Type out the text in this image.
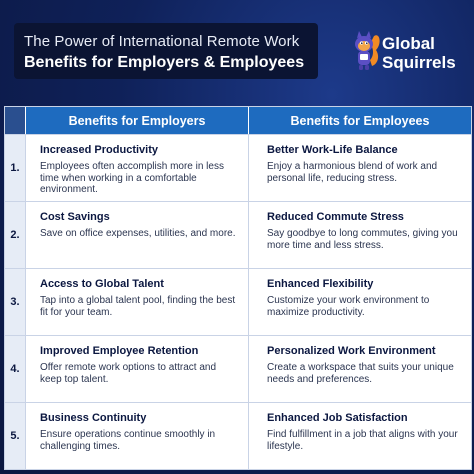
The Power of International Remote Work
Benefits for Employers & Employees
Global
Squirrels
Benefits for Employers	Benefits for Employees
1.
Increased Productivity
Employees often accomplish more in less time when working in a comfortable environment.
Better Work-Life Balance
Enjoy a harmonious blend of work and personal life, reducing stress.
2.
Cost Savings
Save on office expenses, utilities, and more.
Reduced Commute Stress
Say goodbye to long commutes, giving you more time and less stress.
3.
Access to Global Talent
Tap into a global talent pool, finding the best fit for your team.
Enhanced Flexibility
Customize your work environment to maximize productivity.
4.
Improved Employee Retention
Offer remote work options to attract and keep top talent.
Personalized Work Environment
Create a workspace that suits your unique needs and preferences.
5.
Business Continuity
Ensure operations continue smoothly in challenging times.
Enhanced Job Satisfaction
Find fulfillment in a job that aligns with your lifestyle.
